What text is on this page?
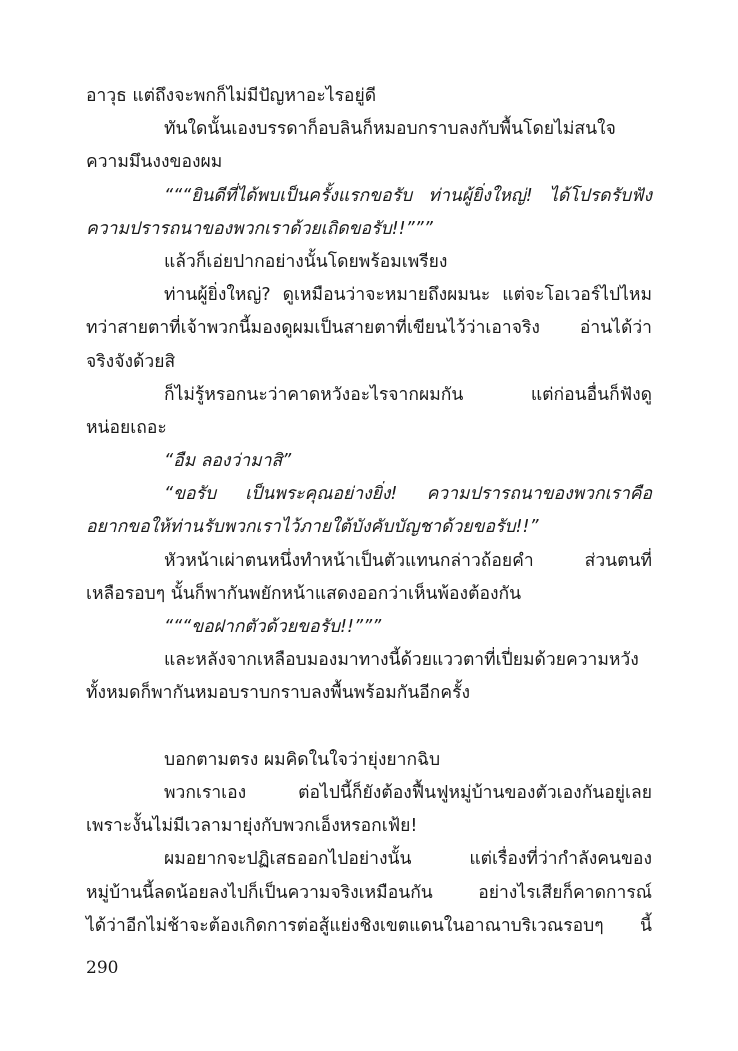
อาวุธ แต่ถึงจะพกก็ไม่มีปัญหาอะไรอยู่ดี
ทันใดนั้นเองบรรดาก็อบลินก็หมอบกราบลงกับพื้นโดยไม่สนใจ
ความมึนงงของผม
“““ยินดีที่ได้พบเป็นครั้งแรกขอรับ ท่านผู้ยิ่งใหญ่! ได้โปรดรับฟัง
ความปรารถนาของพวกเราด้วยเถิดขอรับ!!”””
แล้วก็เอ่ยปากอย่างนั้นโดยพร้อมเพรียง
ท่านผู้ยิ่งใหญ่? ดูเหมือนว่าจะหมายถึงผมนะ แต่จะโอเวอร์ไปไหม
ทว่าสายตาที่เจ้าพวกนี้มองดูผมเป็นสายตาที่เขียนไว้ว่าเอาจริง อ่านได้ว่า
จริงจังด้วยสิ
ก็ไม่รู้หรอกนะว่าคาดหวังอะไรจากผมกัน แต่ก่อนอื่นก็ฟังดู
หน่อยเถอะ
“อืม ลองว่ามาสิ”
“ขอรับ เป็นพระคุณอย่างยิ่ง! ความปรารถนาของพวกเราคือ
อยากขอให้ท่านรับพวกเราไว้ภายใต้บังคับบัญชาด้วยขอรับ!!”
หัวหน้าเผ่าตนหนึ่งทำหน้าเป็นตัวแทนกล่าวถ้อยคำ ส่วนตนที่
เหลือรอบๆ นั้นก็พากันพยักหน้าแสดงออกว่าเห็นพ้องต้องกัน
“““ขอฝากตัวด้วยขอรับ!!”””
และหลังจากเหลือบมองมาทางนี้ด้วยแววตาที่เปี่ยมด้วยความหวัง
ทั้งหมดก็พากันหมอบราบกราบลงพื้นพร้อมกันอีกครั้ง
บอกตามตรง ผมคิดในใจว่ายุ่งยากฉิบ
พวกเราเอง ต่อไปนี้ก็ยังต้องฟื้นฟูหมู่บ้านของตัวเองกันอยู่เลย
เพราะงั้นไม่มีเวลามายุ่งกับพวกเอ็งหรอกเฟ้ย!
ผมอยากจะปฏิเสธออกไปอย่างนั้น แต่เรื่องที่ว่ากำลังคนของ
หมู่บ้านนี้ลดน้อยลงไปก็เป็นความจริงเหมือนกัน อย่างไรเสียก็คาดการณ์
ได้ว่าอีกไม่ช้าจะต้องเกิดการต่อสู้แย่งชิงเขตแดนในอาณาบริเวณรอบๆ นี้
290
